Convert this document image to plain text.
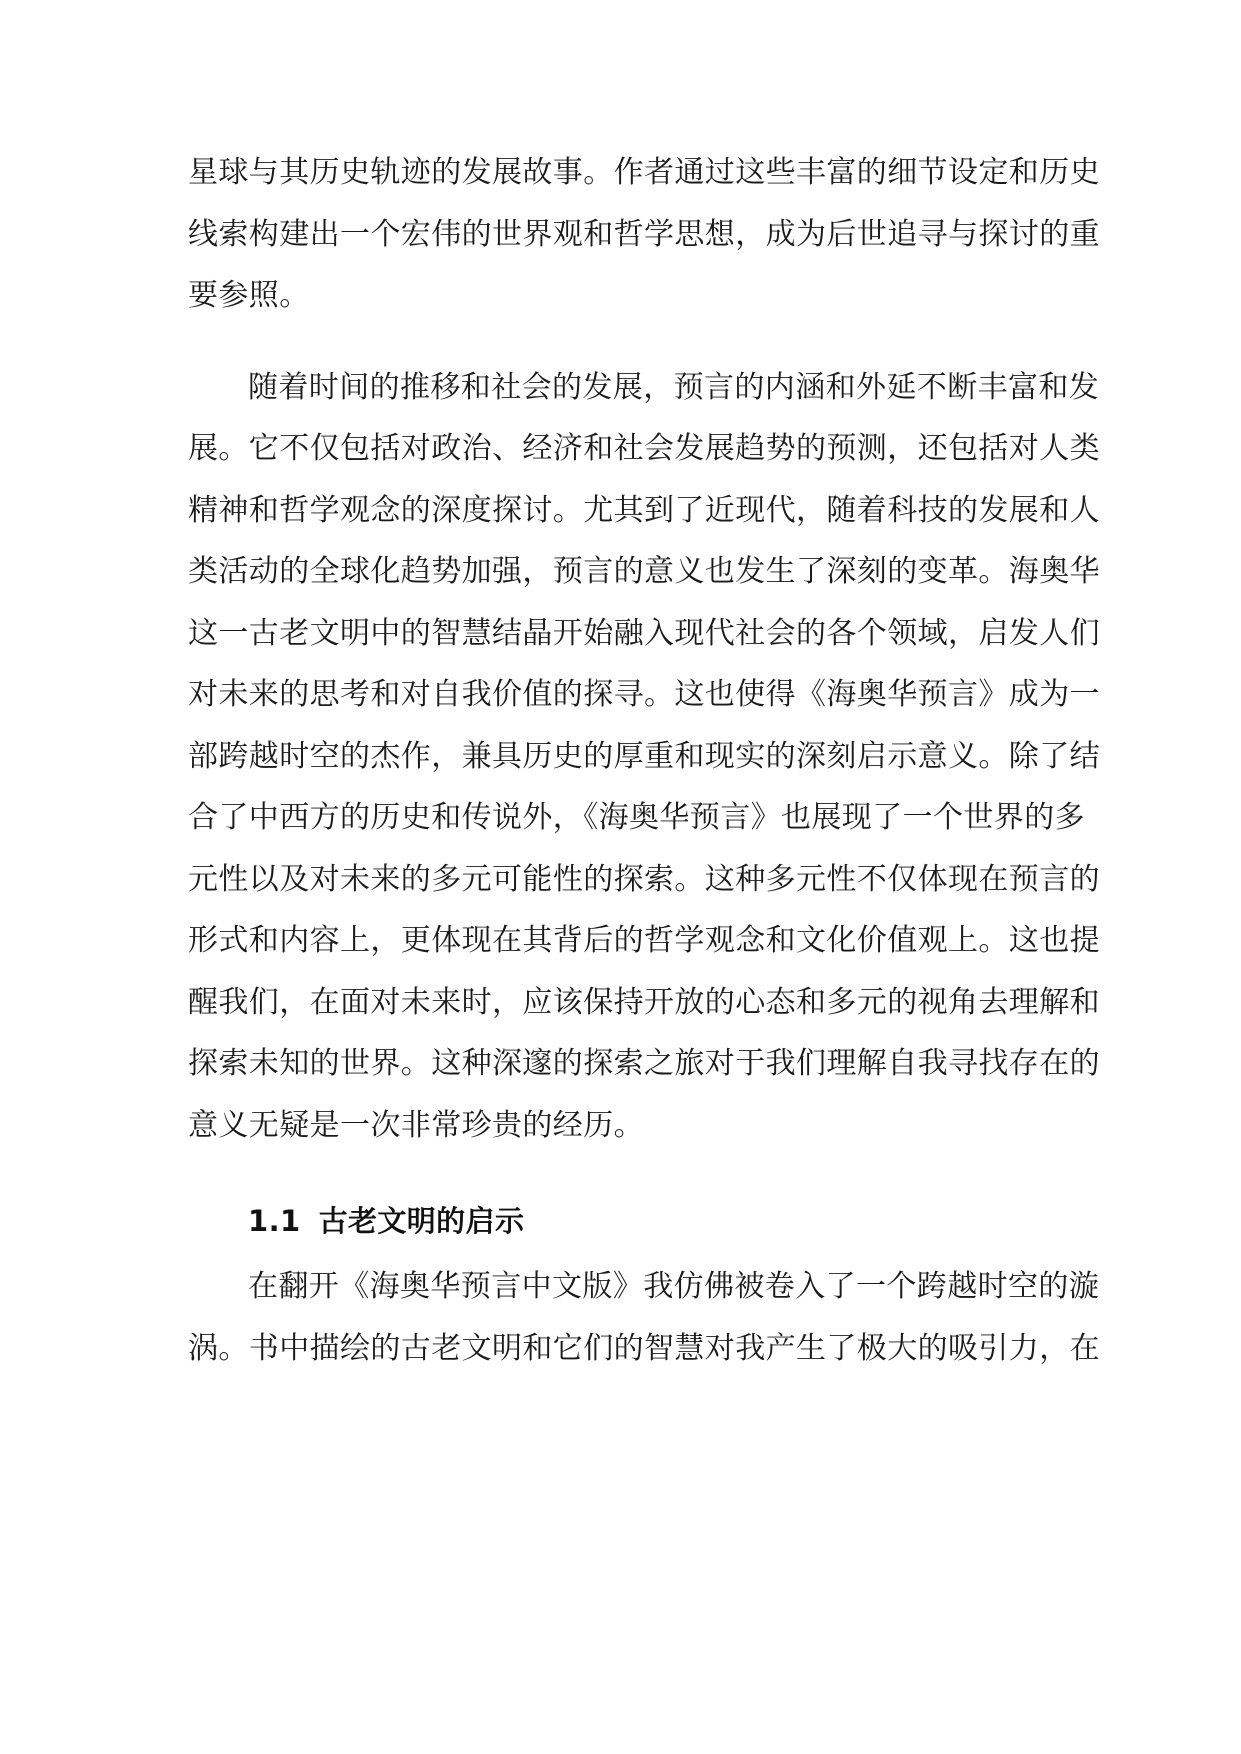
星球与其历史轨迹的发展故事。作者通过这些丰富的细节设定和历史
线索构建出一个宏伟的世界观和哲学思想，成为后世追寻与探讨的重
要参照。
随着时间的推移和社会的发展，预言的内涵和外延不断丰富和发
展。它不仅包括对政治、经济和社会发展趋势的预测，还包括对人类
精神和哲学观念的深度探讨。尤其到了近现代，随着科技的发展和人
类活动的全球化趋势加强，预言的意义也发生了深刻的变革。海奥华
这一古老文明中的智慧结晶开始融入现代社会的各个领域，启发人们
对未来的思考和对自我价值的探寻。这也使得《海奥华预言》成为一
部跨越时空的杰作，兼具历史的厚重和现实的深刻启示意义。除了结
合了中西方的历史和传说外，《海奥华预言》也展现了一个世界的多
元性以及对未来的多元可能性的探索。这种多元性不仅体现在预言的
形式和内容上，更体现在其背后的哲学观念和文化价值观上。这也提
醒我们，在面对未来时，应该保持开放的心态和多元的视角去理解和
探索未知的世界。这种深邃的探索之旅对于我们理解自我寻找存在的
意义无疑是一次非常珍贵的经历。
1.1 古老文明的启示
在翻开《海奥华预言中文版》我仿佛被卷入了一个跨越时空的漩
涡。书中描绘的古老文明和它们的智慧对我产生了极大的吸引力，在
